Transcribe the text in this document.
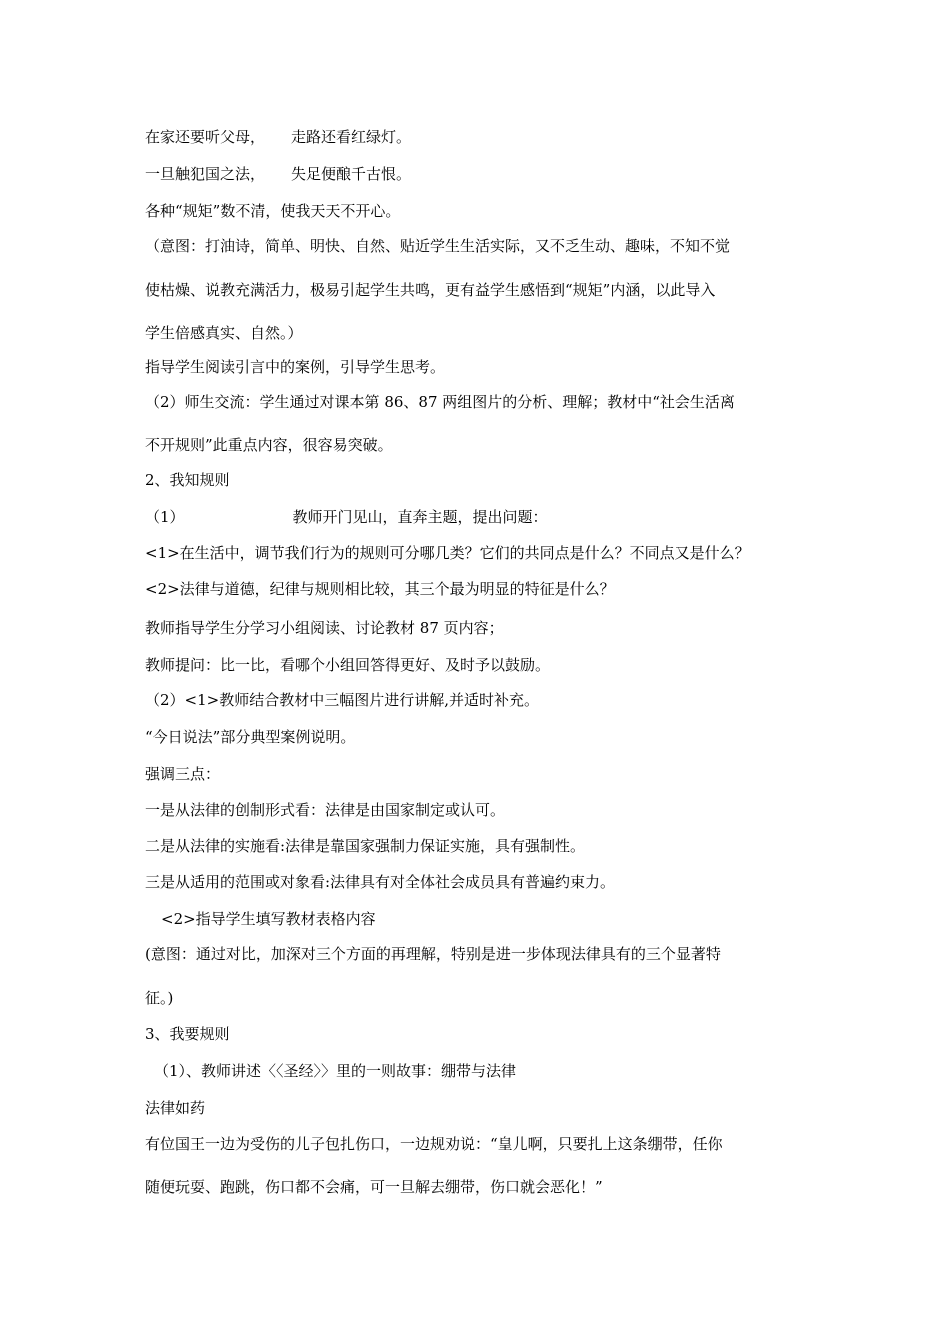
在家还要听父母， 走路还看红绿灯。
一旦触犯国之法， 失足便酿千古恨。
各种“规矩”数不清，使我天天不开心。
（意图：打油诗，简单、明快、自然、贴近学生生活实际，又不乏生动、趣味，不知不觉
使枯燥、说教充满活力，极易引起学生共鸣，更有益学生感悟到“规矩”内涵，以此导入
学生倍感真实、自然。）
指导学生阅读引言中的案例，引导学生思考。
（2）师生交流：学生通过对课本第 86、87 两组图片的分析、理解；教材中“社会生活离
不开规则”此重点内容，很容易突破。
2、我知规则
（1）	教师开门见山，直奔主题，提出问题：
<1>在生活中，调节我们行为的规则可分哪几类？它们的共同点是什么？不同点又是什么？
<2>法律与道德，纪律与规则相比较，其三个最为明显的特征是什么？
教师指导学生分学习小组阅读、讨论教材 87 页内容；
教师提问：比一比，看哪个小组回答得更好、及时予以鼓励。
（2）<1>教师结合教材中三幅图片进行讲解,并适时补充。
“今日说法”部分典型案例说明。
强调三点：
一是从法律的创制形式看：法律是由国家制定或认可。
二是从法律的实施看:法律是靠国家强制力保证实施，具有强制性。
三是从适用的范围或对象看:法律具有对全体社会成员具有普遍约束力。
<2>指导学生填写教材表格内容
(意图：通过对比，加深对三个方面的再理解，特别是进一步体现法律具有的三个显著特
征。)
3、我要规则
（1）、教师讲述〈〈圣经〉〉里的一则故事：绷带与法律
法律如药
有位国王一边为受伤的儿子包扎伤口，一边规劝说：“皇儿啊，只要扎上这条绷带，任你
随便玩耍、跑跳，伤口都不会痛，可一旦解去绷带，伤口就会恶化！”
